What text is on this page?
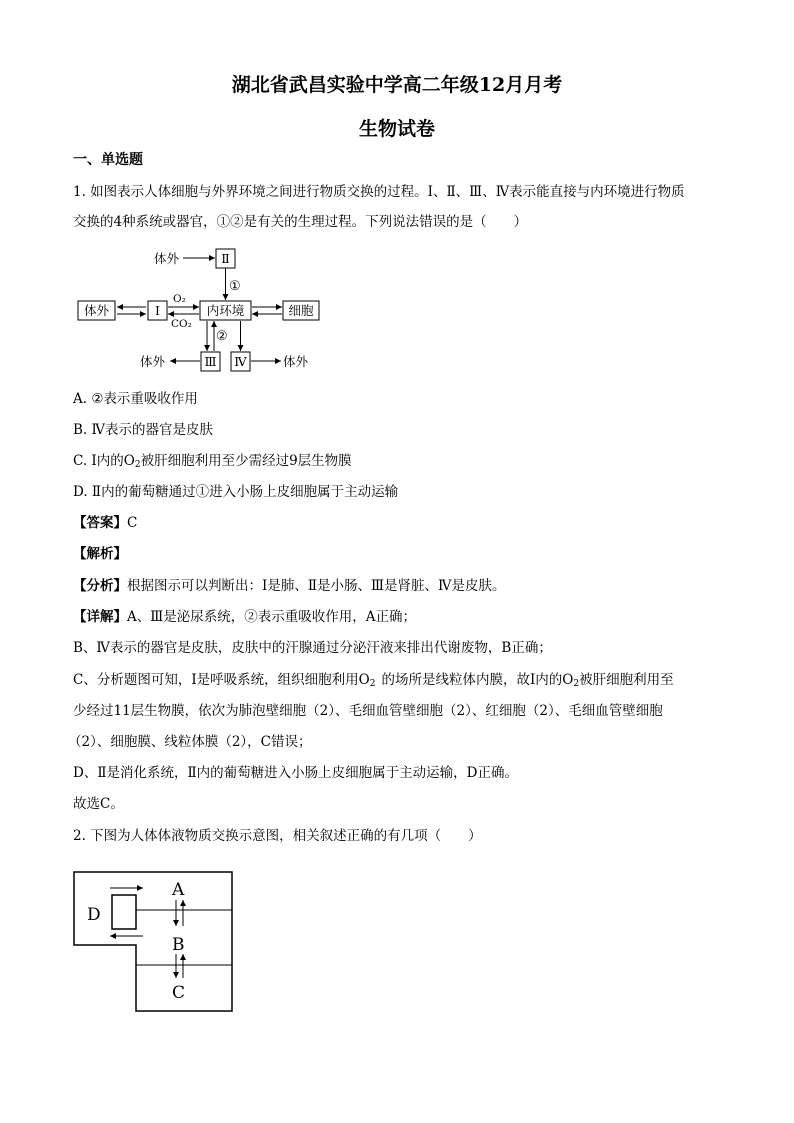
湖北省武昌实验中学高二年级12月月考
生物试卷
一、单选题
1. 如图表示人体细胞与外界环境之间进行物质交换的过程。Ⅰ、Ⅱ、Ⅲ、Ⅳ表示能直接与内环境进行物质
交换的4种系统或器官，①②是有关的生理过程。下列说法错误的是（　　）
体外	Ⅰ	内环境	细胞
Ⅱ
Ⅲ Ⅳ
体外
体外	体外
①
O₂
CO₂
②
A. ②表示重吸收作用
B. Ⅳ表示的器官是皮肤
C. Ⅰ内的$O_2$被肝细胞利用至少需经过9层生物膜
D. Ⅱ内的葡萄糖通过①进入小肠上皮细胞属于主动运输
【答案】C
【解析】
【分析】根据图示可以判断出：Ⅰ是肺、Ⅱ是小肠、Ⅲ是肾脏、Ⅳ是皮肤。
【详解】A、Ⅲ是泌尿系统，②表示重吸收作用，A正确；
B、Ⅳ表示的器官是皮肤，皮肤中的汗腺通过分泌汗液来排出代谢废物，B正确；
C、分析题图可知，Ⅰ是呼吸系统，组织细胞利用$O_2$ 的场所是线粒体内膜，故Ⅰ内的$O_2$被肝细胞利用至
少经过11层生物膜，依次为肺泡壁细胞（2）、毛细血管壁细胞（2）、红细胞（2）、毛细血管壁细胞
（2）、细胞膜、线粒体膜（2），C错误；
D、Ⅱ是消化系统，Ⅱ内的葡萄糖进入小肠上皮细胞属于主动运输，D正确。
故选C。
2. 下图为人体体液物质交换示意图，相关叙述正确的有几项（　　）
A
B
C
D
